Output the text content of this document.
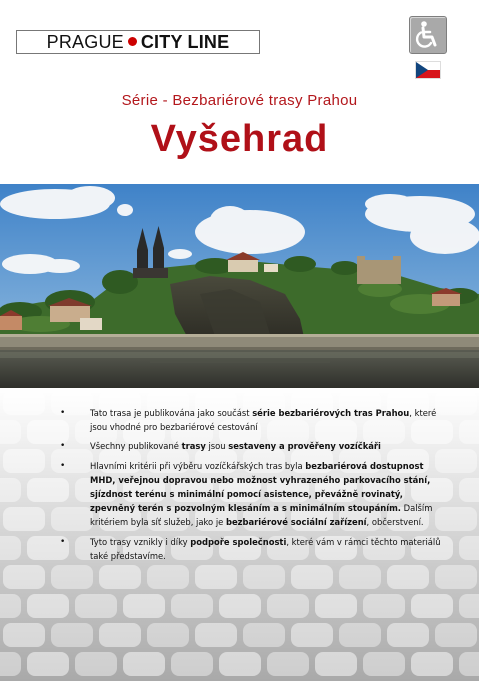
PRAGUE CITY LINE
Série - Bezbariérové trasy Prahou
Vyšehrad
•	Tato trasa je publikována jako součást série bezbariérových tras Prahou, které jsou vhodné pro bezbariérové cestování
•	Všechny publikované trasy jsou sestaveny a prověřeny vozíčkáři
•	Hlavními kritérii při výběru vozíčkářských tras byla bezbariérová dostupnost MHD, veřejnou dopravou nebo možnost vyhrazeného parkovacího stání, sjízdnost terénu s minimální pomocí asistence, převážně rovinatý, zpevněný terén s pozvolným klesáním a s minimálním stoupáním. Dalším kritériem byla síť služeb, jako je bezbariérové sociální zařízení, občerstvení.
•	Tyto trasy vznikly i díky podpoře společnosti, které vám v rámci těchto materiálů také představíme.
